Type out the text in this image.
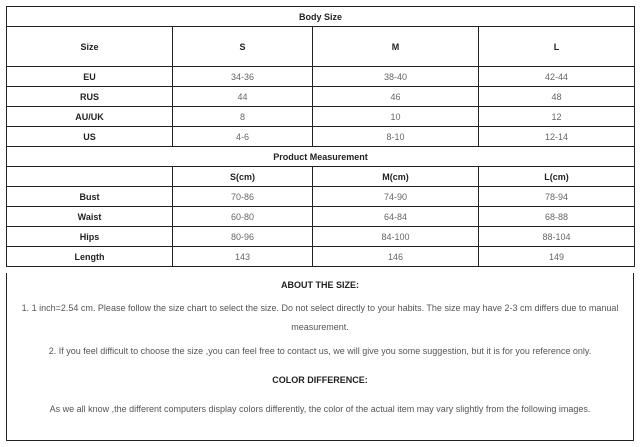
Body Size			
Size	S	M	L
EU	34-36	38-40	42-44
RUS	44	46	48
AU/UK	8	10	12
US	4-6	8-10	12-14
Product Measurement			
	S(cm)	M(cm)	L(cm)
Bust	70-86	74-90	78-94
Waist	60-80	64-84	68-88
Hips	80-96	84-100	88-104
Length	143	146	149

ABOUT THE SIZE:

1. 1 inch=2.54 cm. Please follow the size chart to select the size. Do not select directly to your habits. The size may have 2-3 cm differs due to manual

measurement.

2. If you feel difficult to choose the size ,you can feel free to contact us, we will give you some suggestion, but it is for you reference only.

COLOR DIFFERENCE:

As we all know ,the different computers display colors differently, the color of the actual item may vary slightly from the following images.
